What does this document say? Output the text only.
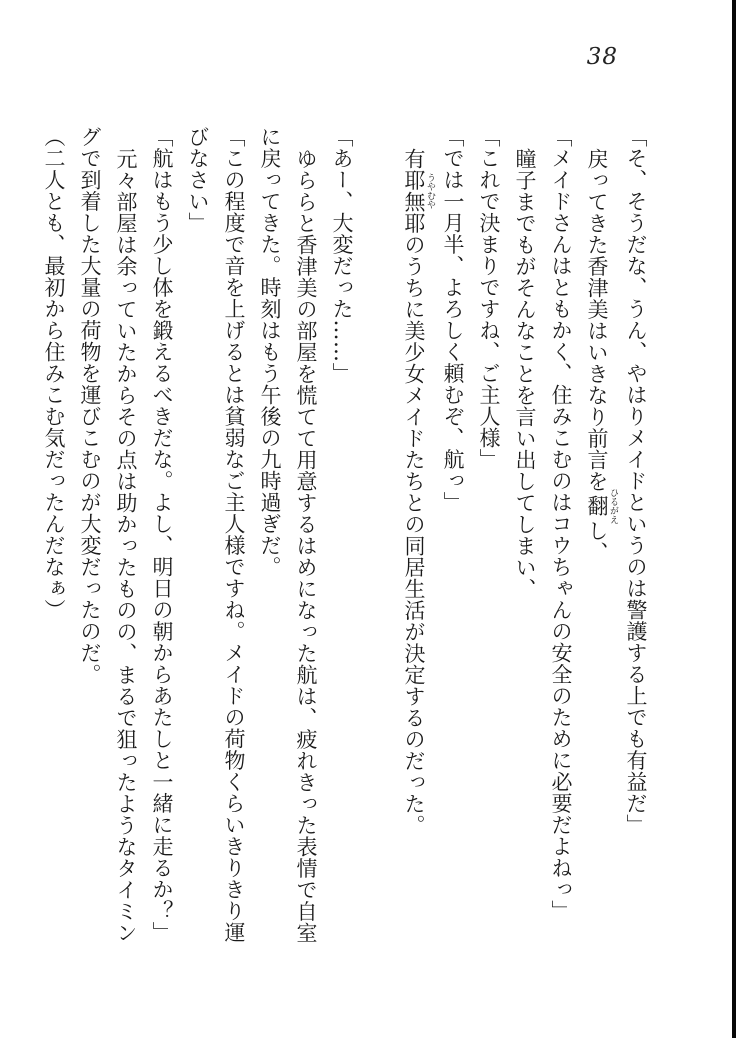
38
「そ、そうだな、うん、やはりメイドというのは警護する上でも有益だ」
戻ってきた香津美はいきなり前言を翻 ひるがえし、
「メイドさんはともかく、住みこむのはコウちゃんの安全のために必要だよねっ」
瞳子までもがそんなことを言い出してしまい、
「これで決まりですね、ご主人様」
「では一月半、よろしく頼むぞ、航っ」
有耶無耶 うやむやのうちに美少女メイドたちとの同居生活が決定するのだった。

「あー、大変だった……」
ゆららと香津美の部屋を慌てて用意するはめになった航は、疲れきった表情で自室
に戻ってきた。時刻はもう午後の九時過ぎだ。
「この程度で音を上げるとは貧弱なご主人様ですね。メイドの荷物くらいきりきり運
びなさい」
「航はもう少し体を鍛えるべきだな。よし、明日の朝からあたしと一緒に走るか？」
元々部屋は余っていたからその点は助かったものの、まるで狙ったようなタイミン
グで到着した大量の荷物を運びこむのが大変だったのだ。
（二人とも、最初から住みこむ気だったんだなぁ）
